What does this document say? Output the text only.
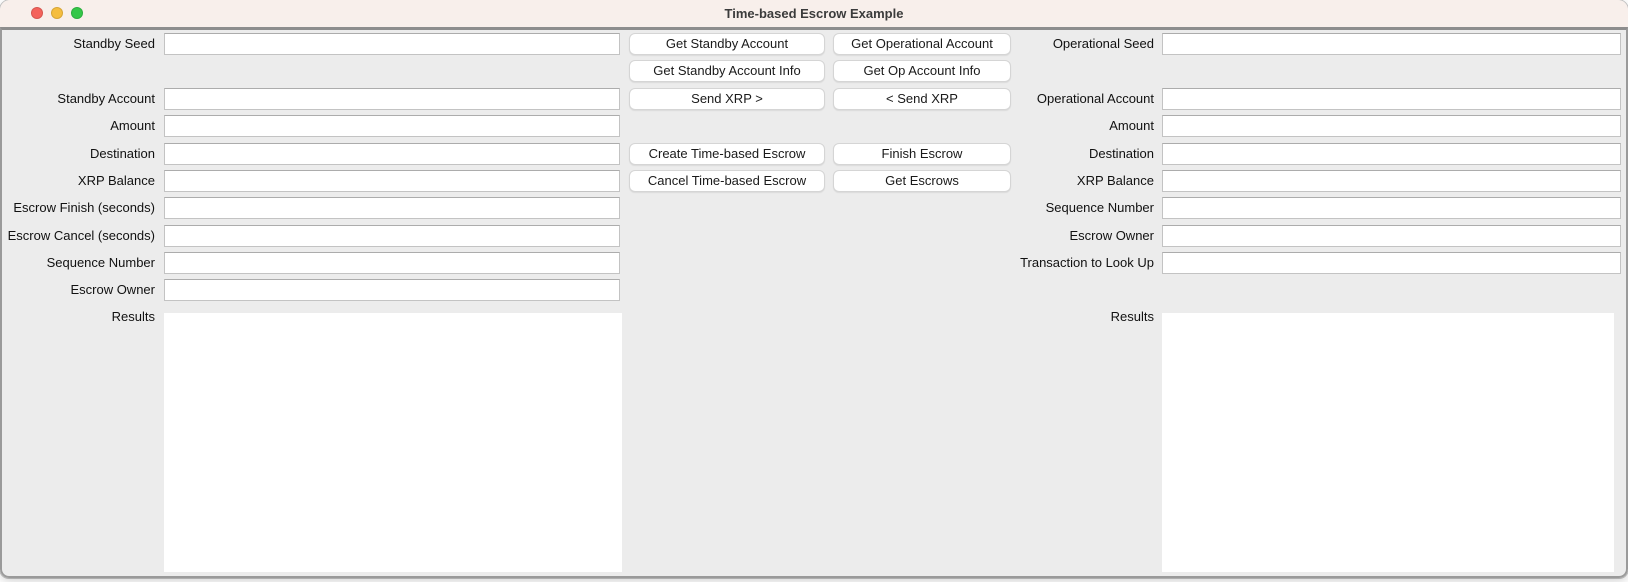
Time-based Escrow Example
Standby Seed
Standby Account
Amount
Destination
XRP Balance
Escrow Finish (seconds)
Escrow Cancel (seconds)
Sequence Number
Escrow Owner
Results
Get Standby Account	Get Operational Account
Get Standby Account Info	Get Op Account Info
Send XRP >	< Send XRP
Create Time-based Escrow	Finish Escrow
Cancel Time-based Escrow	Get Escrows
Operational Seed
Operational Account
Amount
Destination
XRP Balance
Sequence Number
Escrow Owner
Transaction to Look Up
Results
